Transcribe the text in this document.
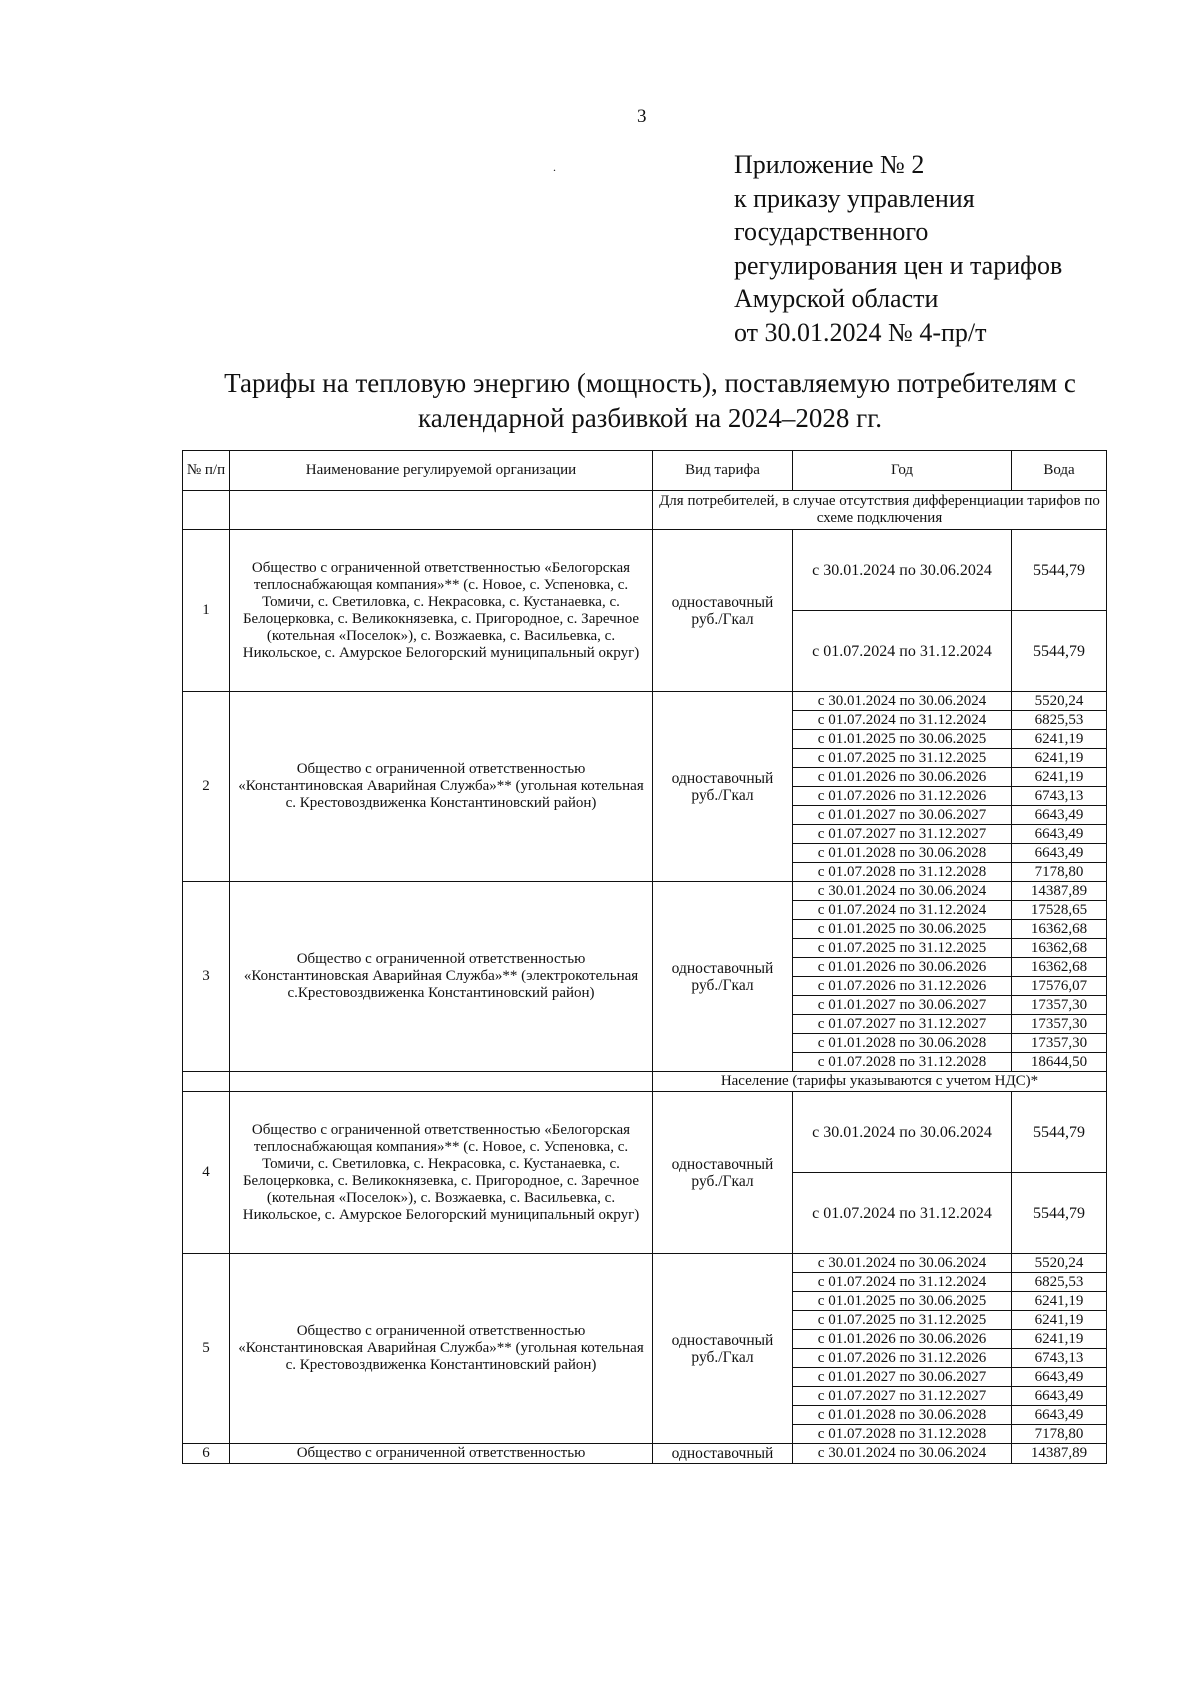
3
.	Приложение № 2
к приказу управления
государственного
регулирования цен и тарифов
Амурской области
от 30.01.2024 № 4-пр/т
Тарифы на тепловую энергию (мощность), поставляемую потребителям с календарной разбивкой на 2024–2028 гг.
№ п/п	Наименование регулируемой организации	Вид тарифа	Год	Вода
		Для потребителей, в случае отсутствия дифференциации тарифов по схеме подключения		
1	Общество с ограниченной ответственностью «Белогорская теплоснабжающая компания»** (с. Новое, с. Успеновка, с. Томичи, с. Светиловка, с. Некрасовка, с. Кустанаевка, с. Белоцерковка, с. Великокнязевка, с. Пригородное, с. Заречное (котельная «Поселок»), с. Возжаевка, с. Васильевка, с. Никольское, с. Амурское Белогорский муниципальный округ)	одноставочный руб./Гкал	с 30.01.2024 по 30.06.2024	5544,79
			с 01.07.2024 по 31.12.2024	5544,79
2	Общество с ограниченной ответственностью «Константиновская Аварийная Служба»** (угольная котельная с. Крестовоздвиженка Константиновский район)	одноставочный руб./Гкал	с 30.01.2024 по 30.06.2024	5520,24
			с 01.07.2024 по 31.12.2024	6825,53
			с 01.01.2025 по 30.06.2025	6241,19
			с 01.07.2025 по 31.12.2025	6241,19
			с 01.01.2026 по 30.06.2026	6241,19
			с 01.07.2026 по 31.12.2026	6743,13
			с 01.01.2027 по 30.06.2027	6643,49
			с 01.07.2027 по 31.12.2027	6643,49
			с 01.01.2028 по 30.06.2028	6643,49
			с 01.07.2028 по 31.12.2028	7178,80
3	Общество с ограниченной ответственностью «Константиновская Аварийная Служба»** (электрокотельная с.Крестовоздвиженка Константиновский район)	одноставочный руб./Гкал	с 30.01.2024 по 30.06.2024	14387,89
			с 01.07.2024 по 31.12.2024	17528,65
			с 01.01.2025 по 30.06.2025	16362,68
			с 01.07.2025 по 31.12.2025	16362,68
			с 01.01.2026 по 30.06.2026	16362,68
			с 01.07.2026 по 31.12.2026	17576,07
			с 01.01.2027 по 30.06.2027	17357,30
			с 01.07.2027 по 31.12.2027	17357,30
			с 01.01.2028 по 30.06.2028	17357,30
			с 01.07.2028 по 31.12.2028	18644,50
		Население (тарифы указываются с учетом НДС)*		
4	Общество с ограниченной ответственностью «Белогорская теплоснабжающая компания»** (с. Новое, с. Успеновка, с. Томичи, с. Светиловка, с. Некрасовка, с. Кустанаевка, с. Белоцерковка, с. Великокнязевка, с. Пригородное, с. Заречное (котельная «Поселок»), с. Возжаевка, с. Васильевка, с. Никольское, с. Амурское Белогорский муниципальный округ)	одноставочный руб./Гкал	с 30.01.2024 по 30.06.2024	5544,79
			с 01.07.2024 по 31.12.2024	5544,79
5	Общество с ограниченной ответственностью «Константиновская Аварийная Служба»** (угольная котельная с. Крестовоздвиженка Константиновский район)	одноставочный руб./Гкал	с 30.01.2024 по 30.06.2024	5520,24
			с 01.07.2024 по 31.12.2024	6825,53
			с 01.01.2025 по 30.06.2025	6241,19
			с 01.07.2025 по 31.12.2025	6241,19
			с 01.01.2026 по 30.06.2026	6241,19
			с 01.07.2026 по 31.12.2026	6743,13
			с 01.01.2027 по 30.06.2027	6643,49
			с 01.07.2027 по 31.12.2027	6643,49
			с 01.01.2028 по 30.06.2028	6643,49
			с 01.07.2028 по 31.12.2028	7178,80
6	Общество с ограниченной ответственностью	одноставочный	с 30.01.2024 по 30.06.2024	14387,89
